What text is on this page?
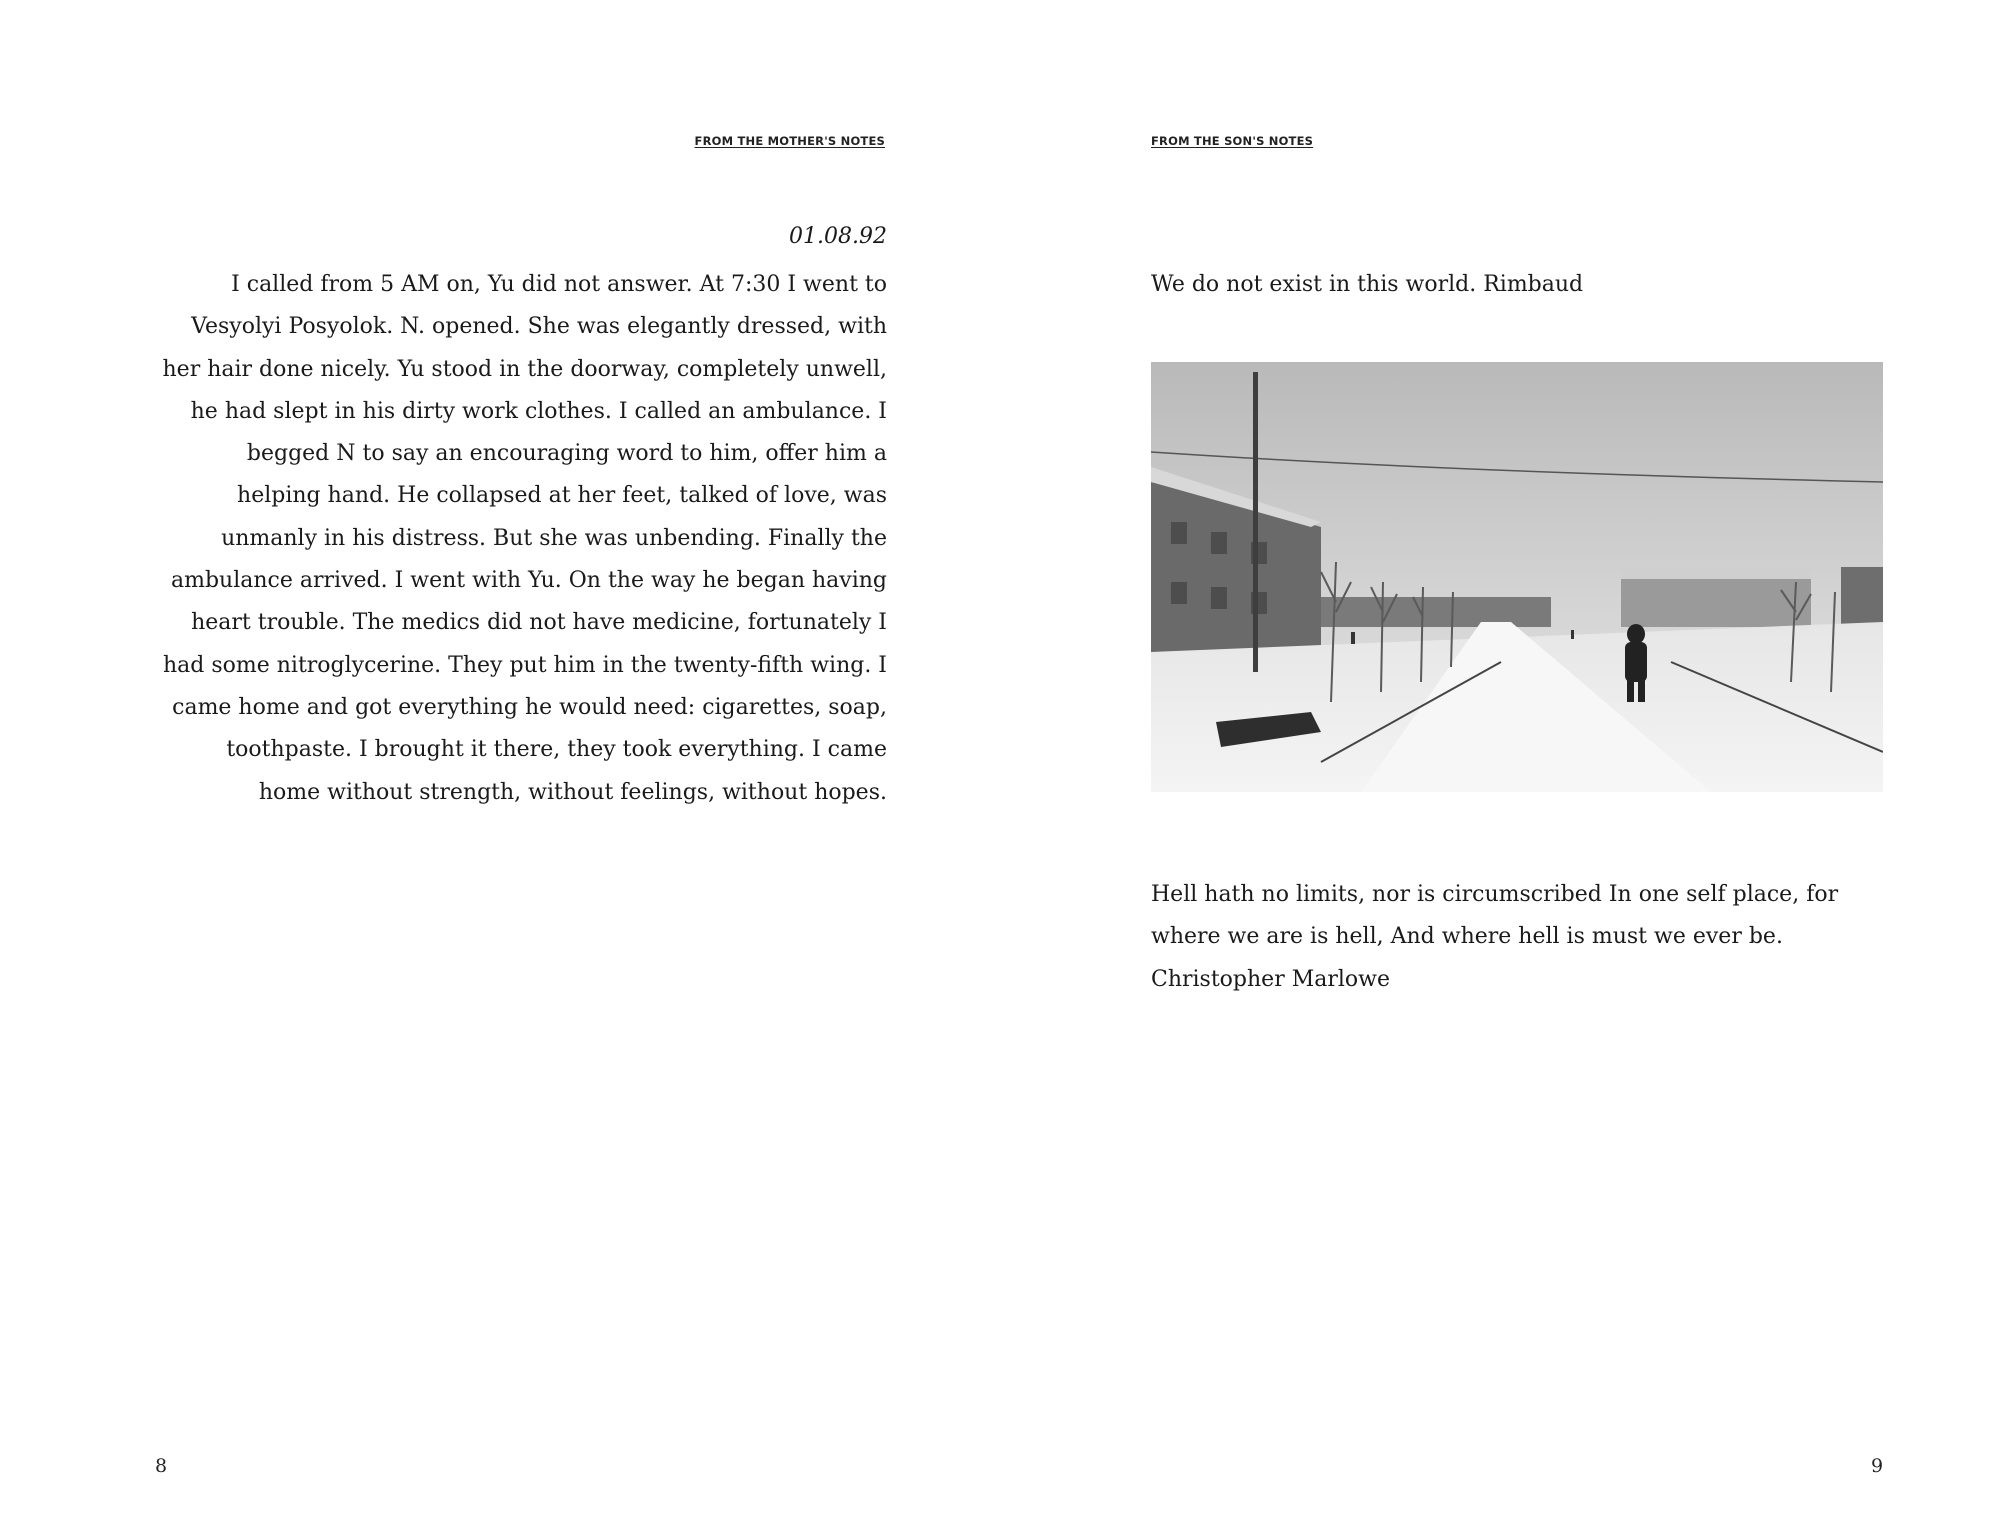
FROM THE MOTHER'S NOTES
01.08.92
I called from 5 AM on, Yu did not answer. At 7:30 I went to Vesyolyi Posyolok. N. opened. She was elegantly dressed, with her hair done nicely. Yu stood in the doorway, completely unwell, he had slept in his dirty work clothes. I called an ambulance. I begged N to say an encouraging word to him, offer him a helping hand. He collapsed at her feet, talked of love, was unmanly in his distress. But she was unbending. Finally the ambulance arrived. I went with Yu. On the way he began having heart trouble. The medics did not have medicine, fortunately I had some nitroglycerine. They put him in the twenty-fifth wing. I came home and got everything he would need: cigarettes, soap, toothpaste. I brought it there, they took everything. I came home without strength, without feelings, without hopes.
8
FROM THE SON'S NOTES
We do not exist in this world. Rimbaud
Hell hath no limits, nor is circumscribed In one self place, for where we are is hell, And where hell is must we ever be. Christopher Marlowe
9
